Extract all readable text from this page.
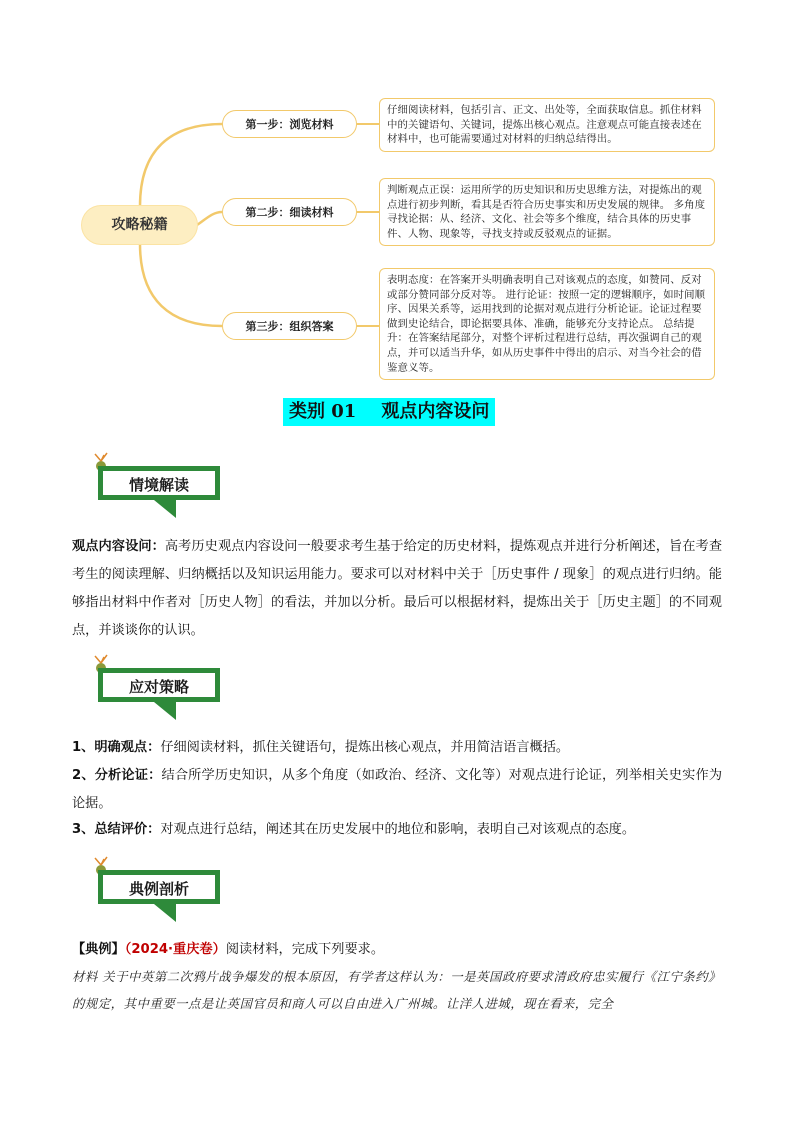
攻略秘籍
第一步：浏览材料
第二步：细读材料
第三步：组织答案

仔细阅读材料，包括引言、正文、出处等，全面获取信息。抓住材料中的关键语句、关键词，提炼出核心观点。注意观点可能直接表述在材料中，也可能需要通过对材料的归纳总结得出。

判断观点正误：运用所学的历史知识和历史思维方法，对提炼出的观点进行初步判断，看其是否符合历史事实和历史发展的规律。 多角度寻找论据：从、经济、文化、社会等多个维度，结合具体的历史事件、人物、现象等，寻找支持或反驳观点的证据。

表明态度：在答案开头明确表明自己对该观点的态度，如赞同、反对或部分赞同部分反对等。 进行论证：按照一定的逻辑顺序，如时间顺序、因果关系等，运用找到的论据对观点进行分析论证。论证过程要做到史论结合，即论据要具体、准确，能够充分支持论点。 总结提升：在答案结尾部分，对整个评析过程进行总结，再次强调自己的观点，并可以适当升华，如从历史事件中得出的启示、对当今社会的借鉴意义等。

类别 01    观点内容设问
情境解读
观点内容设问：高考历史观点内容设问一般要求考生基于给定的历史材料，提炼观点并进行分析阐述，旨在考查考生的阅读理解、归纳概括以及知识运用能力。要求可以对材料中关于［历史事件 / 现象］的观点进行归纳。能够指出材料中作者对［历史人物］的看法，并加以分析。最后可以根据材料，提炼出关于［历史主题］的不同观点，并谈谈你的认识。
应对策略
1、明确观点：仔细阅读材料，抓住关键语句，提炼出核心观点，并用简洁语言概括。
2、分析论证：结合所学历史知识，从多个角度（如政治、经济、文化等）对观点进行论证，列举相关史实作为论据。
3、总结评价：对观点进行总结，阐述其在历史发展中的地位和影响，表明自己对该观点的态度。
典例剖析
【典例】（2024·重庆卷）阅读材料，完成下列要求。
材料 关于中英第二次鸦片战争爆发的根本原因，有学者这样认为：一是英国政府要求清政府忠实履行《江宁条约》的规定，其中重要一点是让英国官员和商人可以自由进入广州城。让洋人进城，现在看来，完全
